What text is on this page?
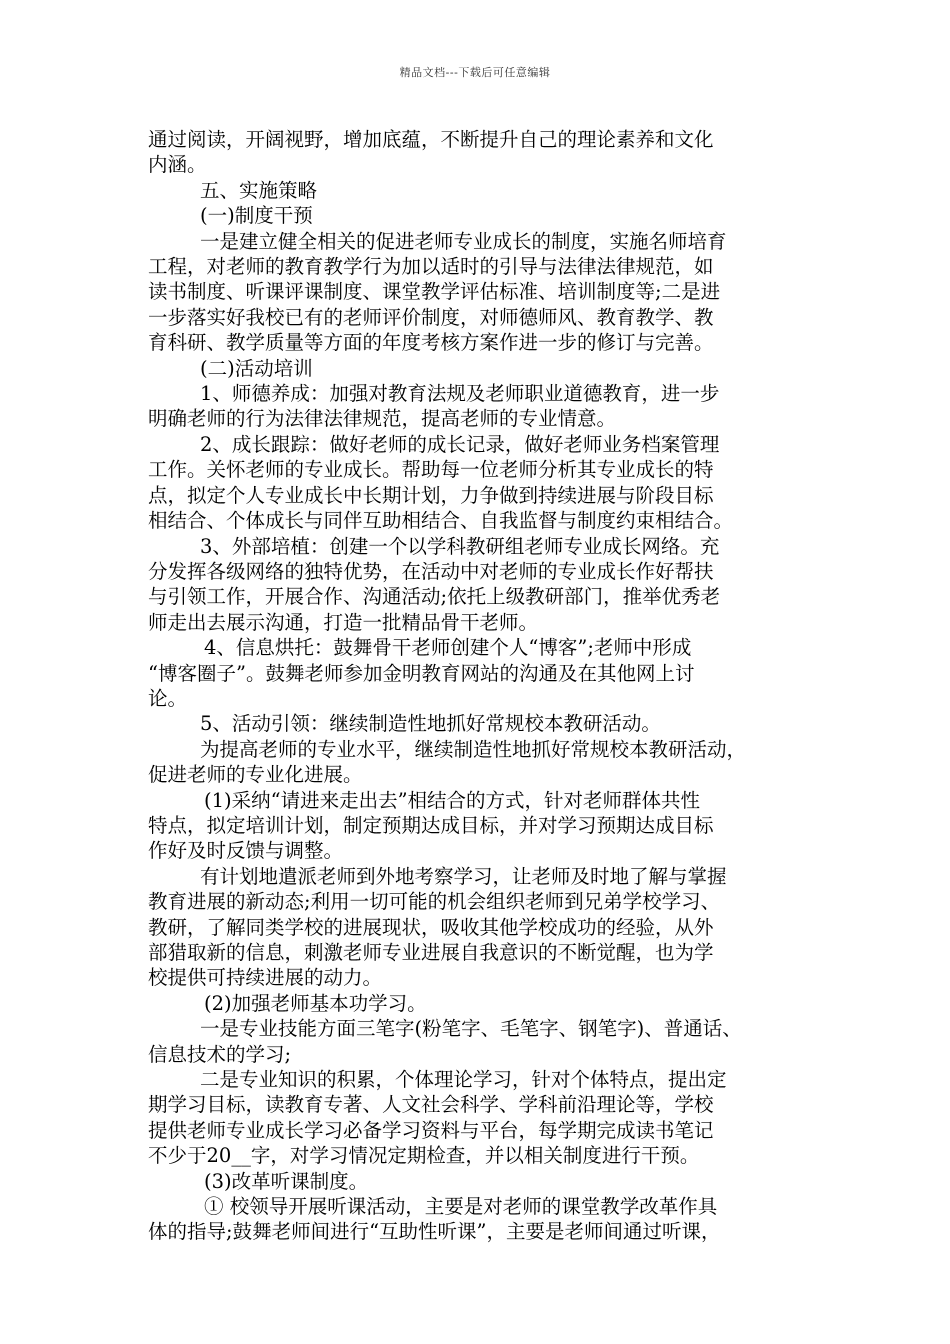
精品文档---下载后可任意编辑

通过阅读，开阔视野，增加底蕴，不断提升自己的理论素养和文化

内涵。

五、实施策略

(一)制度干预

一是建立健全相关的促进老师专业成长的制度，实施名师培育

工程，对老师的教育教学行为加以适时的引导与法律法律规范，如

读书制度、听课评课制度、课堂教学评估标准、培训制度等;二是进

一步落实好我校已有的老师评价制度，对师德师风、教育教学、教

育科研、教学质量等方面的年度考核方案作进一步的修订与完善。

(二)活动培训

1、师德养成：加强对教育法规及老师职业道德教育，进一步

明确老师的行为法律法律规范，提高老师的专业情意。

2、成长跟踪：做好老师的成长记录，做好老师业务档案管理

工作。关怀老师的专业成长。帮助每一位老师分析其专业成长的特

点，拟定个人专业成长中长期计划，力争做到持续进展与阶段目标

相结合、个体成长与同伴互助相结合、自我监督与制度约束相结合。

3、外部培植：创建一个以学科教研组老师专业成长网络。充

分发挥各级网络的独特优势，在活动中对老师的专业成长作好帮扶

与引领工作，开展合作、沟通活动;依托上级教研部门，推举优秀老

师走出去展示沟通，打造一批精品骨干老师。

4、信息烘托：鼓舞骨干老师创建个人“博客”;老师中形成

“博客圈子”。鼓舞老师参加金明教育网站的沟通及在其他网上讨

论。

5、活动引领：继续制造性地抓好常规校本教研活动。

为提高老师的专业水平，继续制造性地抓好常规校本教研活动，

促进老师的专业化进展。

(1)采纳“请进来走出去”相结合的方式，针对老师群体共性

特点，拟定培训计划，制定预期达成目标，并对学习预期达成目标

作好及时反馈与调整。

有计划地遣派老师到外地考察学习，让老师及时地了解与掌握

教育进展的新动态;利用一切可能的机会组织老师到兄弟学校学习、

教研，了解同类学校的进展现状，吸收其他学校成功的经验，从外

部猎取新的信息，刺激老师专业进展自我意识的不断觉醒，也为学

校提供可持续进展的动力。

(2)加强老师基本功学习。

一是专业技能方面三笔字(粉笔字、毛笔字、钢笔字)、普通话、

信息技术的学习;

二是专业知识的积累，个体理论学习，针对个体特点，提出定

期学习目标，读教育专著、人文社会科学、学科前沿理论等，学校

提供老师专业成长学习必备学习资料与平台，每学期完成读书笔记

不少于20__字，对学习情况定期检查，并以相关制度进行干预。

(3)改革听课制度。

① 校领导开展听课活动，主要是对老师的课堂教学改革作具

体的指导;鼓舞老师间进行“互助性听课”，主要是老师间通过听课，
